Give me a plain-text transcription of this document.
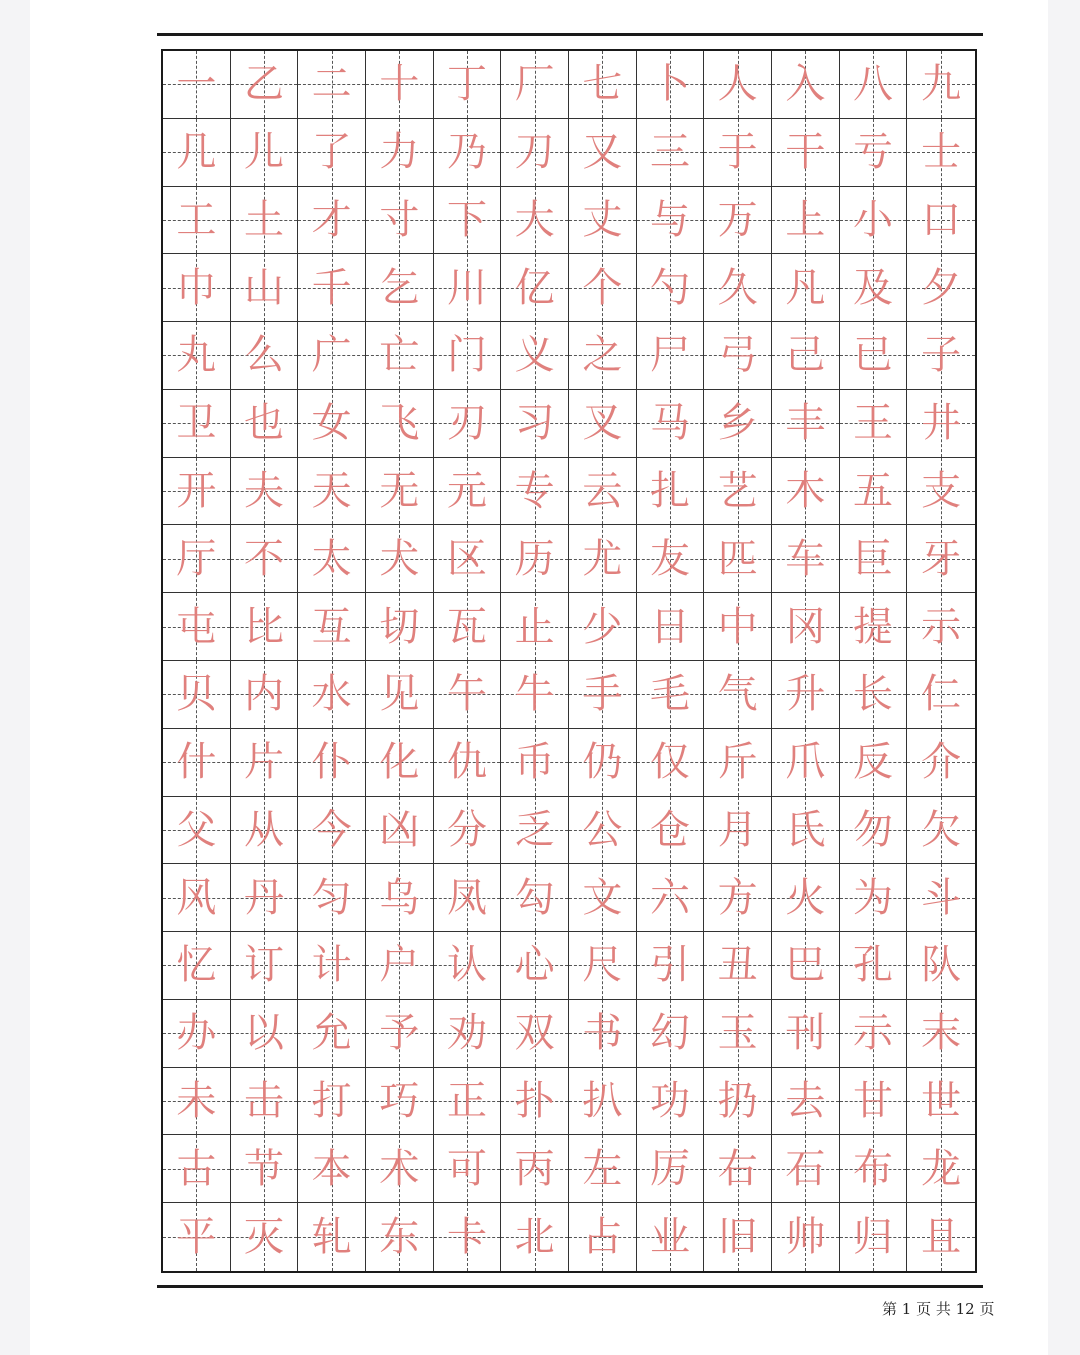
一 乙 二 十 丁 厂 七 卜 人 入 八 九
几 儿 了 力 乃 刀 又 三 于 干 亏 士
工 土 才 寸 下 大 丈 与 万 上 小 口
巾 山 千 乞 川 亿 个 勺 久 凡 及 夕
丸 么 广 亡 门 义 之 尸 弓 己 已 子
卫 也 女 飞 刃 习 叉 马 乡 丰 王 井
开 夫 天 无 元 专 云 扎 艺 木 五 支
厅 不 太 犬 区 历 尤 友 匹 车 巨 牙
屯 比 互 切 瓦 止 少 日 中 冈 提 示
贝 内 水 见 午 牛 手 毛 气 升 长 仁
什 片 仆 化 仇 币 仍 仅 斤 爪 反 介
父 从 今 凶 分 乏 公 仓 月 氏 勿 欠
风 丹 匀 乌 凤 勾 文 六 方 火 为 斗
忆 订 计 户 认 心 尺 引 丑 巴 孔 队
办 以 允 予 劝 双 书 幻 玉 刊 示 末
未 击 打 巧 正 扑 扒 功 扔 去 甘 世
古 节 本 术 可 丙 左 厉 右 石 布 龙
平 灭 轧 东 卡 北 占 业 旧 帅 归 且
第 1 页 共 12 页
